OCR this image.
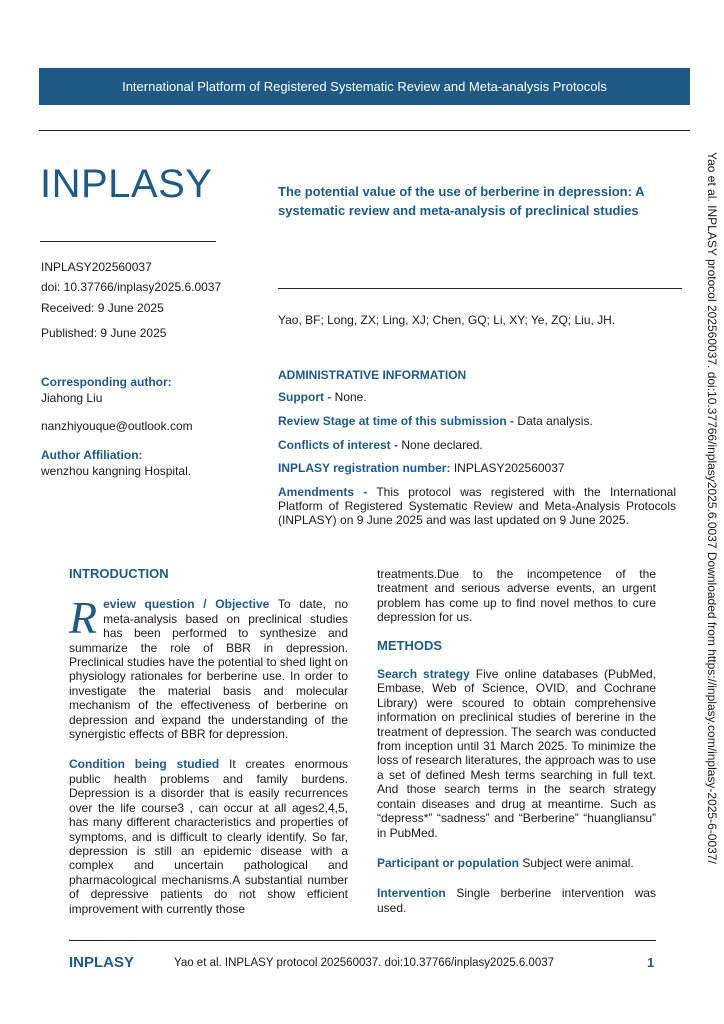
International Platform of Registered Systematic Review and Meta-analysis Protocols
INPLASY
INPLASY202560037
doi: 10.37766/inplasy2025.6.0037
Received: 9 June 2025
Published: 9 June 2025
Corresponding author:
Jiahong Liu
nanzhiyouque@outlook.com
Author Affiliation:
wenzhou kangning Hospital.
The potential value of the use of berberine in depression: A systematic review and meta-analysis of preclinical studies
Yao, BF; Long, ZX; Ling, XJ; Chen, GQ; Li, XY; Ye, ZQ; Liu, JH.
ADMINISTRATIVE INFORMATION
Support - None.
Review Stage at time of this submission - Data analysis.
Conflicts of interest - None declared.
INPLASY registration number: INPLASY202560037
Amendments - This protocol was registered with the International Platform of Registered Systematic Review and Meta-Analysis Protocols (INPLASY) on 9 June 2025 and was last updated on 9 June 2025.
INTRODUCTION

R eview question / Objective To date, no meta-analysis based on preclinical studies has been performed to synthesize and summarize the role of BBR in depression. Preclinical studies have the potential to shed light on physiology rationales for berberine use. In order to investigate the material basis and molecular mechanism of the effectiveness of berberine on depression and expand the understanding of the synergistic effects of BBR for depression.

Condition being studied It creates enormous public health problems and family burdens. Depression is a disorder that is easily recurrences over the life course3 , can occur at all ages2,4,5, has many different characteristics and properties of symptoms, and is difficult to clearly identify. So far, depression is still an epidemic disease with a complex and uncertain pathological and pharmacological mechanisms.A substantial number of depressive patients do not show efficient improvement with currently those

treatments.Due to the incompetence of the treatment and serious adverse events, an urgent problem has come up to find novel methos to cure depression for us.

METHODS

Search strategy Five online databases (PubMed, Embase, Web of Science, OVID, and Cochrane Library) were scoured to obtain comprehensive information on preclinical studies of bererine in the treatment of depression. The search was conducted from inception until 31 March 2025. To minimize the loss of research literatures, the approach was to use a set of defined Mesh terms searching in full text. And those search terms in the search strategy contain diseases and drug at meantime. Such as “depress*” “sadness” and “Berberine” “huangliansu” in PubMed.

Participant or population Subject were animal.

Intervention Single berberine intervention was used.

Yao et al. INPLASY protocol 202560037. doi:10.37766/inplasy2025.6.0037 Downloaded from https://inplasy.com/inplasy-2025-6-0037/
INPLASY	Yao et al. INPLASY protocol 202560037. doi:10.37766/inplasy2025.6.0037	1
